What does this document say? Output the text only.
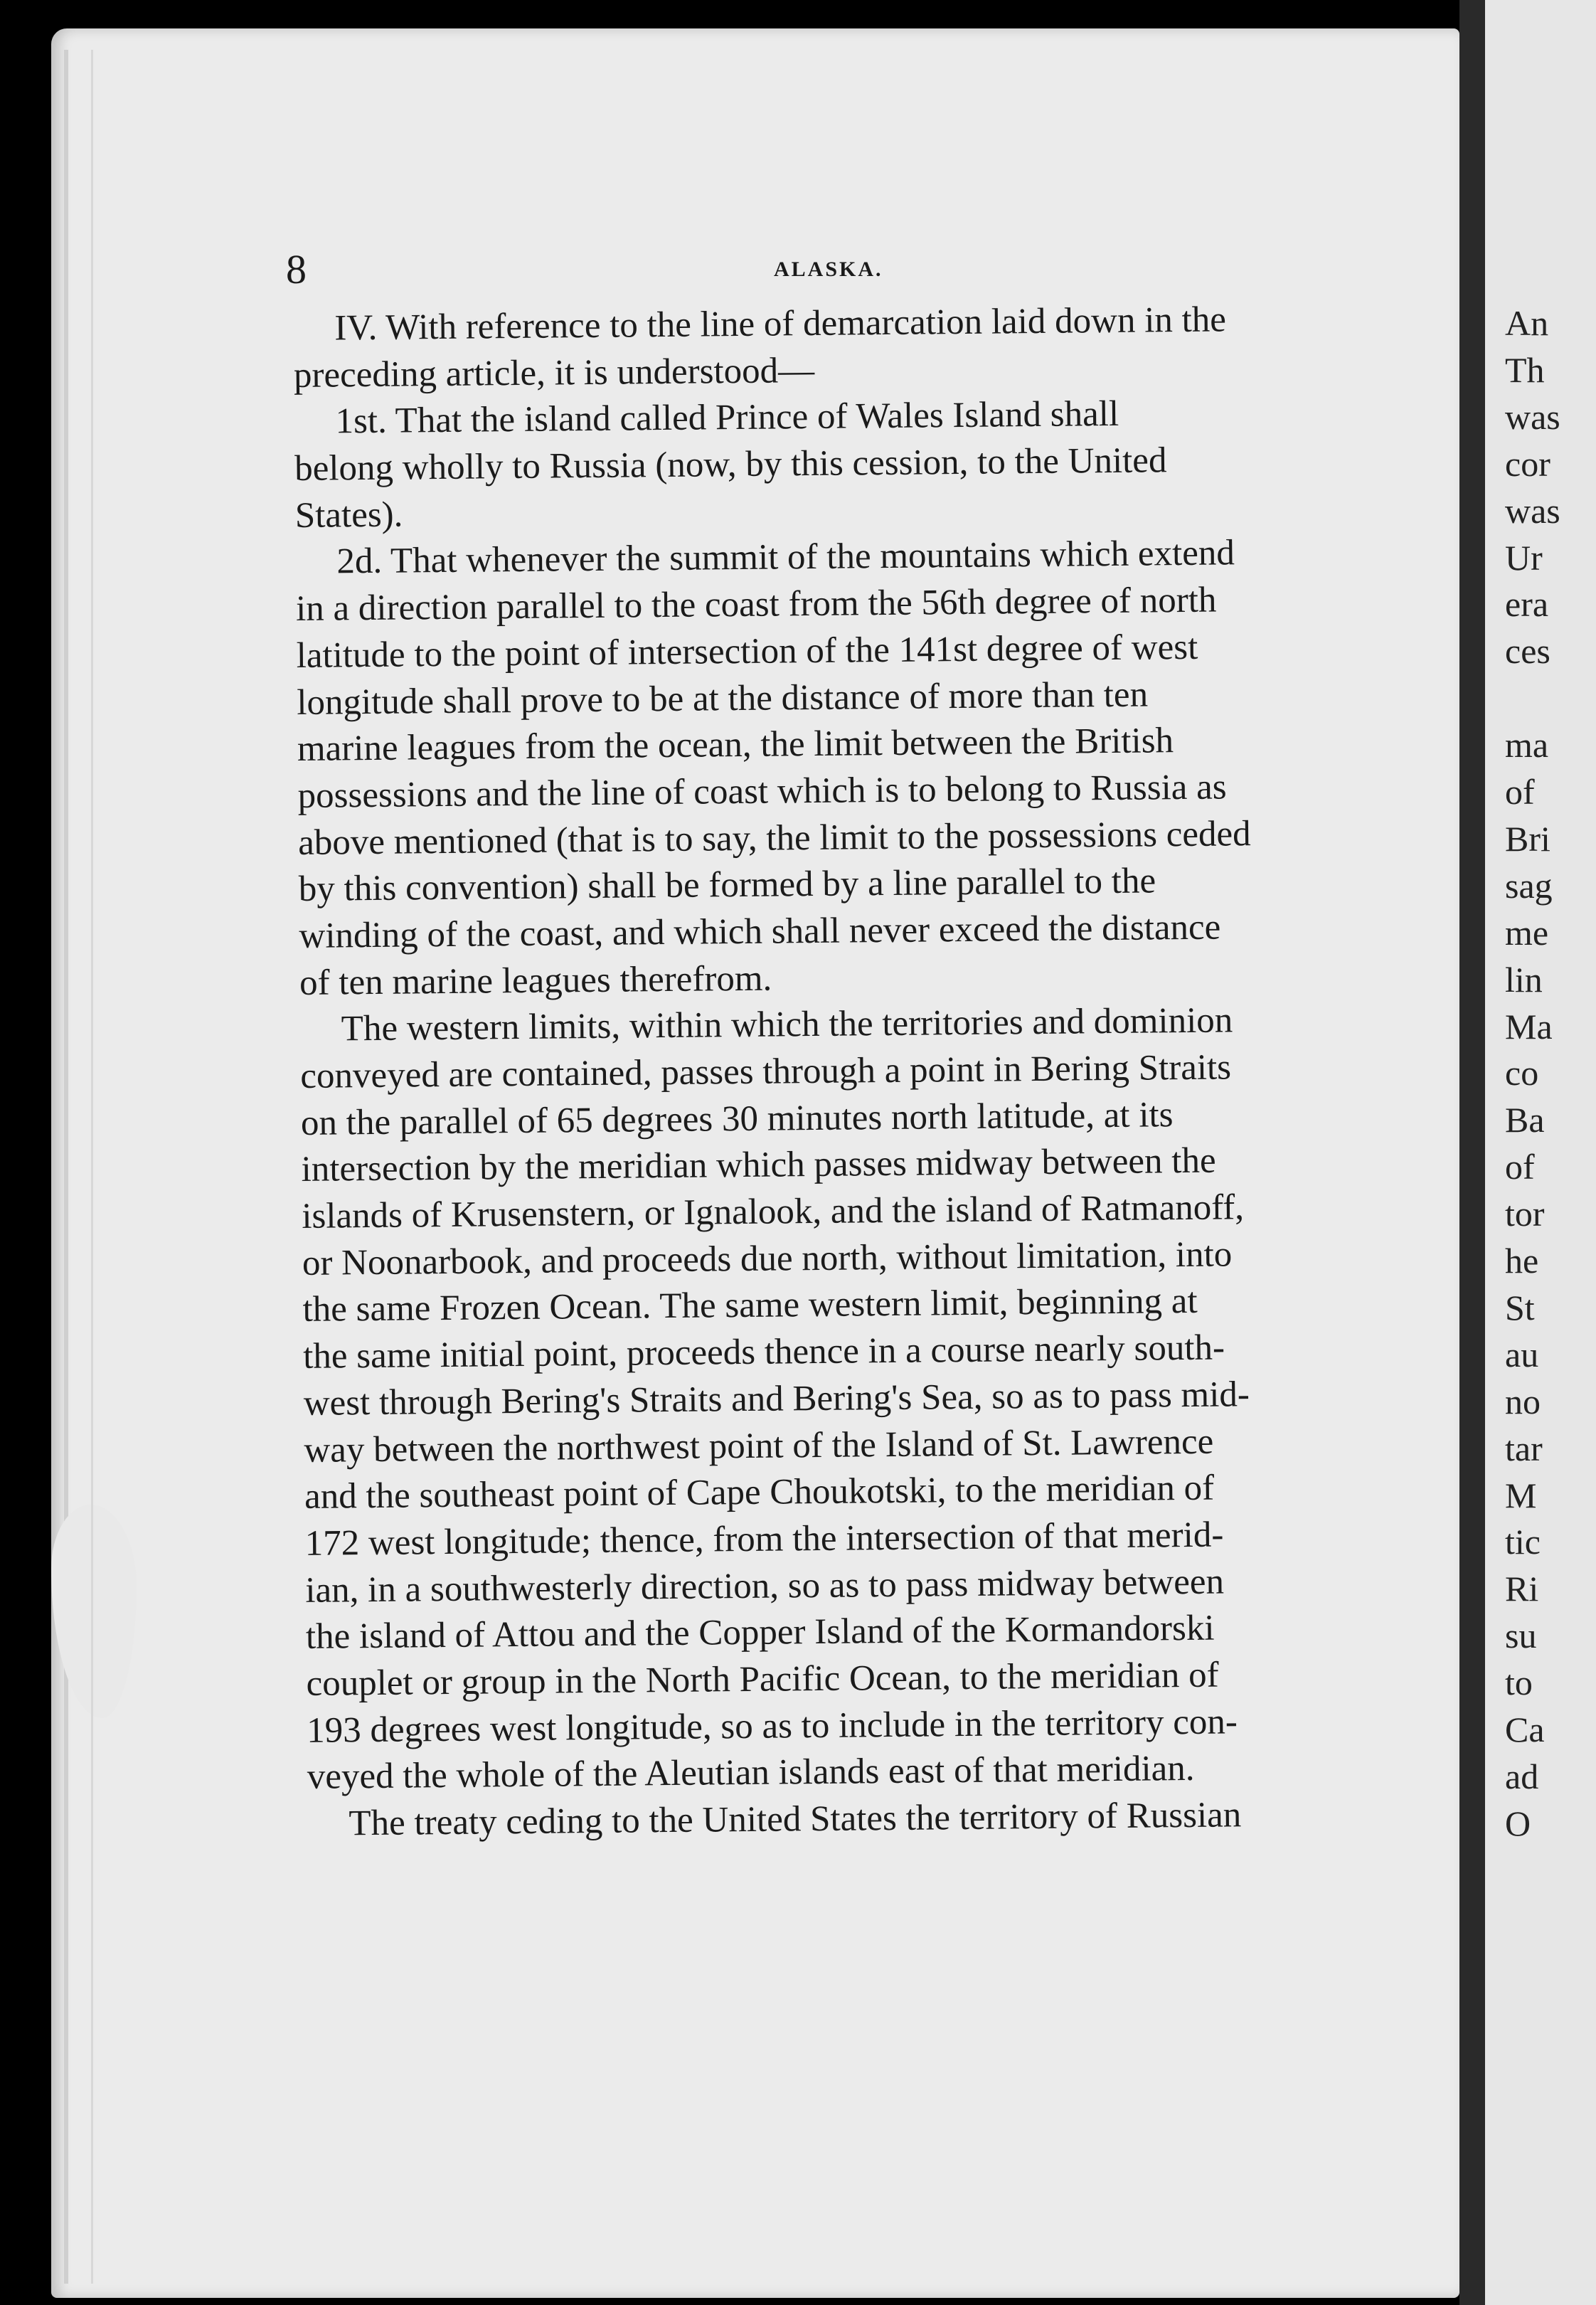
8	ALASKA.
IV. With reference to the line of demarcation laid down in the
preceding article, it is understood—
1st. That the island called Prince of Wales Island shall
belong wholly to Russia (now, by this cession, to the United
States).
2d. That whenever the summit of the mountains which extend
in a direction parallel to the coast from the 56th degree of north
latitude to the point of intersection of the 141st degree of west
longitude shall prove to be at the distance of more than ten
marine leagues from the ocean, the limit between the British
possessions and the line of coast which is to belong to Russia as
above mentioned (that is to say, the limit to the possessions ceded
by this convention) shall be formed by a line parallel to the
winding of the coast, and which shall never exceed the distance
of ten marine leagues therefrom.
The western limits, within which the territories and dominion
conveyed are contained, passes through a point in Bering Straits
on the parallel of 65 degrees 30 minutes north latitude, at its
intersection by the meridian which passes midway between the
islands of Krusenstern, or Ignalook, and the island of Ratmanoff,
or Noonarbook, and proceeds due north, without limitation, into
the same Frozen Ocean. The same western limit, beginning at
the same initial point, proceeds thence in a course nearly south-
west through Bering's Straits and Bering's Sea, so as to pass mid-
way between the northwest point of the Island of St. Lawrence
and the southeast point of Cape Choukotski, to the meridian of
172 west longitude; thence, from the intersection of that merid-
ian, in a southwesterly direction, so as to pass midway between
the island of Attou and the Copper Island of the Kormandorski
couplet or group in the North Pacific Ocean, to the meridian of
193 degrees west longitude, so as to include in the territory con-
veyed the whole of the Aleutian islands east of that meridian.
The treaty ceding to the United States the territory of Russian
An
Th
was
cor
was
Ur
era
ces
ma
of
Bri
sag
me
lin
Ma
co
Ba
of
tor
he
St
au
no
tar
M
tic
Ri
su
to
Ca
ad
O
